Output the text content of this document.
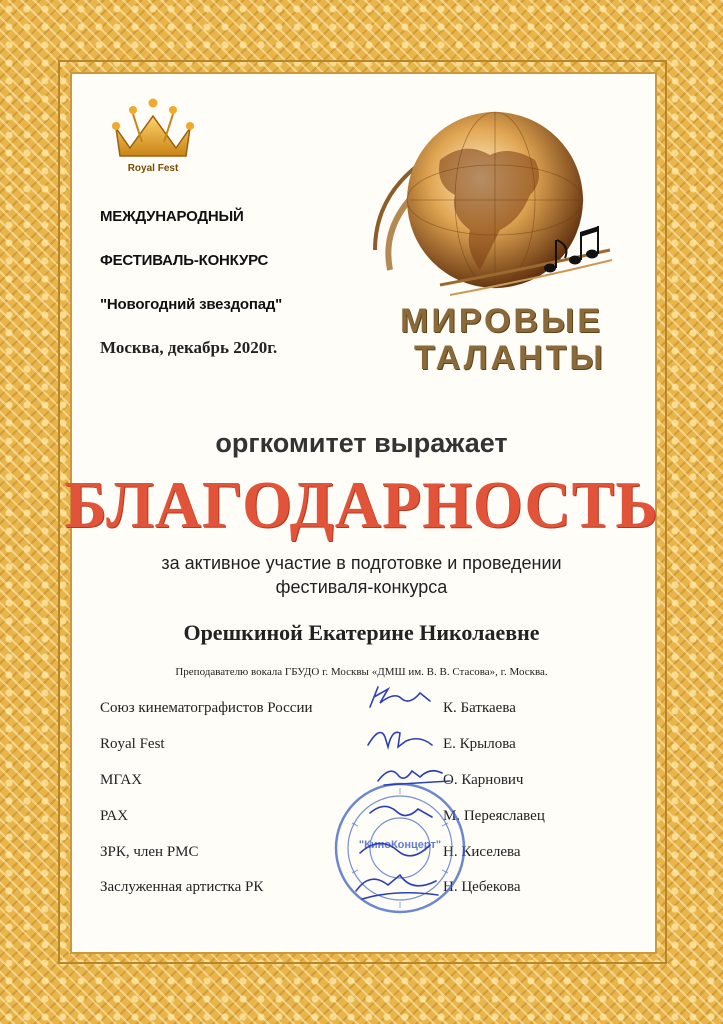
Royal Fest
МЕЖДУНАРОДНЫЙ
ФЕСТИВАЛЬ-КОНКУРС
"Новогодний звездопад"
Москва, декабрь 2020г.
МИРОВЫЕ
ТАЛАНТЫ
оргкомитет выражает
БЛАГОДАРНОСТЬ
за активное участие в подготовке и проведении
фестиваля-конкурса
Орешкиной Екатерине Николаевне
Преподавателю вокала ГБУДО г. Москвы «ДМШ им. В. В. Стасова», г. Москва.
Союз кинематографистов России	К. Баткаева
Royal Fest	Е. Крылова
МГАХ	О. Карнович
РАХ	М. Переяславец
ЗРК, член РМС	Н. Киселева
Заслуженная артистка РК	Н. Цебекова
"КиноКонцерт"
